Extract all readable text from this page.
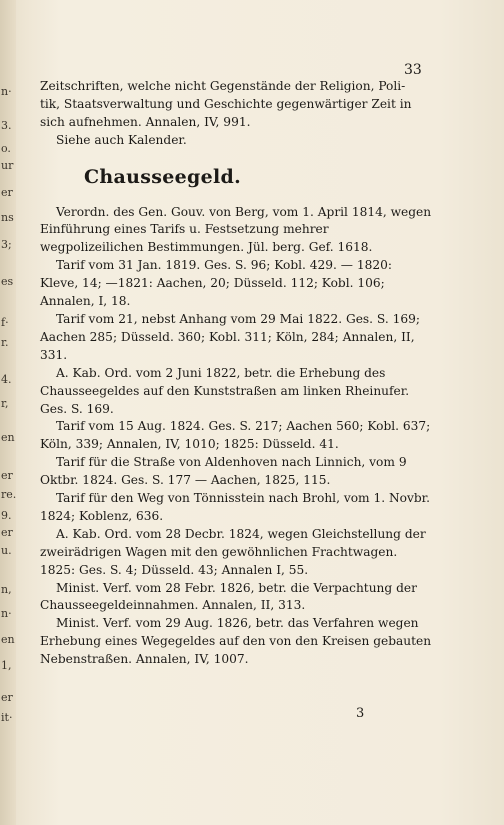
n·
3.
o.
ur
er
ns
3;
es
f·
r.
4.
r,
en
er
re.
9.
er
u.
n,
n·
en
1,
er
it·
33

Zeitschriften, welche nicht Gegenstände der Religion, Poli-

tik, Staatsverwaltung und Geschichte gegenwärtiger Zeit in

sich aufnehmen. Annalen, IV, 991.

Siehe auch Kalender.

Chausseegeld.

Verordn. des Gen. Gouv. von Berg, vom 1. April 1814, wegen Einführung eines Tarifs u. Festsetzung mehrer wegpolizeilichen Bestimmungen. Jül. berg. Gef. 1618.

Tarif vom 31 Jan. 1819. Ges. S. 96; Kobl. 429. — 1820: Kleve, 14; —1821: Aachen, 20; Düsseld. 112; Kobl. 106; Annalen, I, 18.

Tarif vom 21, nebst Anhang vom 29 Mai 1822. Ges. S. 169; Aachen 285; Düsseld. 360; Kobl. 311; Köln, 284; Annalen, II, 331.

A. Kab. Ord. vom 2 Juni 1822, betr. die Erhebung des Chausseegeldes auf den Kunststraßen am linken Rheinufer. Ges. S. 169.

Tarif vom 15 Aug. 1824. Ges. S. 217; Aachen 560; Kobl. 637; Köln, 339; Annalen, IV, 1010; 1825: Düsseld. 41.

Tarif für die Straße von Aldenhoven nach Linnich, vom 9 Oktbr. 1824. Ges. S. 177 — Aachen, 1825, 115.

Tarif für den Weg von Tönnisstein nach Brohl, vom 1. Novbr. 1824; Koblenz, 636.

A. Kab. Ord. vom 28 Decbr. 1824, wegen Gleichstellung der zweirädrigen Wagen mit den gewöhnlichen Frachtwagen. 1825: Ges. S. 4; Düsseld. 43; Annalen I, 55.

Minist. Verf. vom 28 Febr. 1826, betr. die Verpachtung der Chausseegeldeinnahmen. Annalen, II, 313.

Minist. Verf. vom 29 Aug. 1826, betr. das Verfahren wegen Erhebung eines Wegegeldes auf den von den Kreisen gebauten Nebenstraßen. Annalen, IV, 1007.

3
